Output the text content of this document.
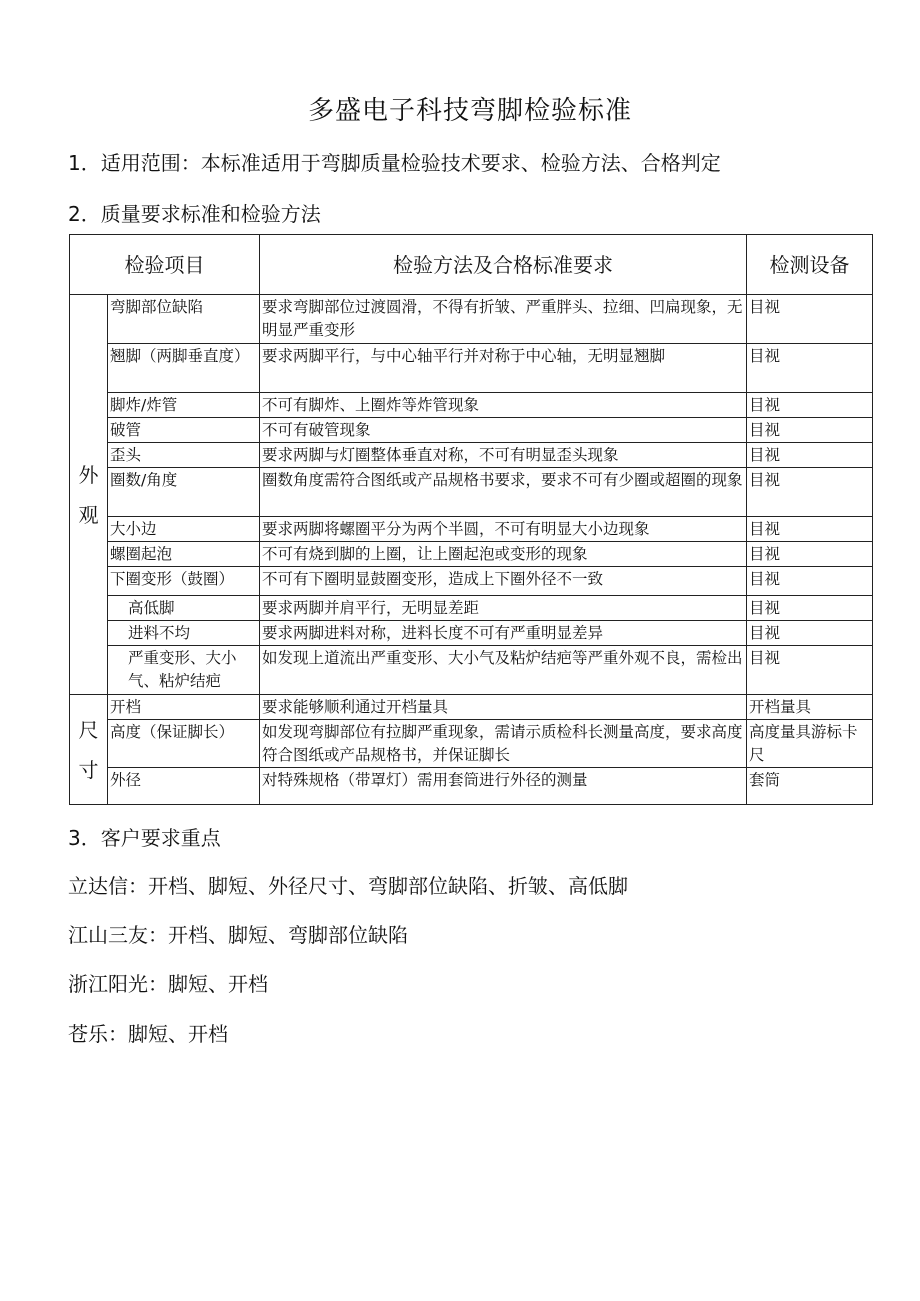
多盛电子科技弯脚检验标准
1．适用范围：本标准适用于弯脚质量检验技术要求、检验方法、合格判定
2．质量要求标准和检验方法
检验项目		检验方法及合格标准要求	检测设备

外
观	弯脚部位缺陷	要求弯脚部位过渡圆滑，不得有折皱、严重胖头、拉细、凹扁现象，无明显严重变形	目视
	翘脚（两脚垂直度）	要求两脚平行，与中心轴平行并对称于中心轴，无明显翘脚	目视
	脚炸/炸管	不可有脚炸、上圈炸等炸管现象	目视
	破管	不可有破管现象	目视
	歪头	要求两脚与灯圈整体垂直对称，不可有明显歪头现象	目视
	圈数/角度	圈数角度需符合图纸或产品规格书要求，要求不可有少圈或超圈的现象	目视
	大小边	要求两脚将螺圈平分为两个半圆，不可有明显大小边现象	目视
	螺圈起泡	不可有烧到脚的上圈，让上圈起泡或变形的现象	目视
	下圈变形（鼓圈）	不可有下圈明显鼓圈变形，造成上下圈外径不一致	目视
	高低脚	要求两脚并肩平行，无明显差距	目视
	进料不均	要求两脚进料对称，进料长度不可有严重明显差异	目视
	严重变形、大小气、粘炉结疤	如发现上道流出严重变形、大小气及粘炉结疤等严重外观不良，需检出	目视

尺
寸	开档	要求能够顺利通过开档量具	开档量具
	高度（保证脚长）	如发现弯脚部位有拉脚严重现象，需请示质检科长测量高度，要求高度符合图纸或产品规格书，并保证脚长	高度量具游标卡尺
	外径	对特殊规格（带罩灯）需用套筒进行外径的测量	套筒
3．客户要求重点
立达信：开档、脚短、外径尺寸、弯脚部位缺陷、折皱、高低脚
江山三友：开档、脚短、弯脚部位缺陷
浙江阳光：脚短、开档
苍乐：脚短、开档
